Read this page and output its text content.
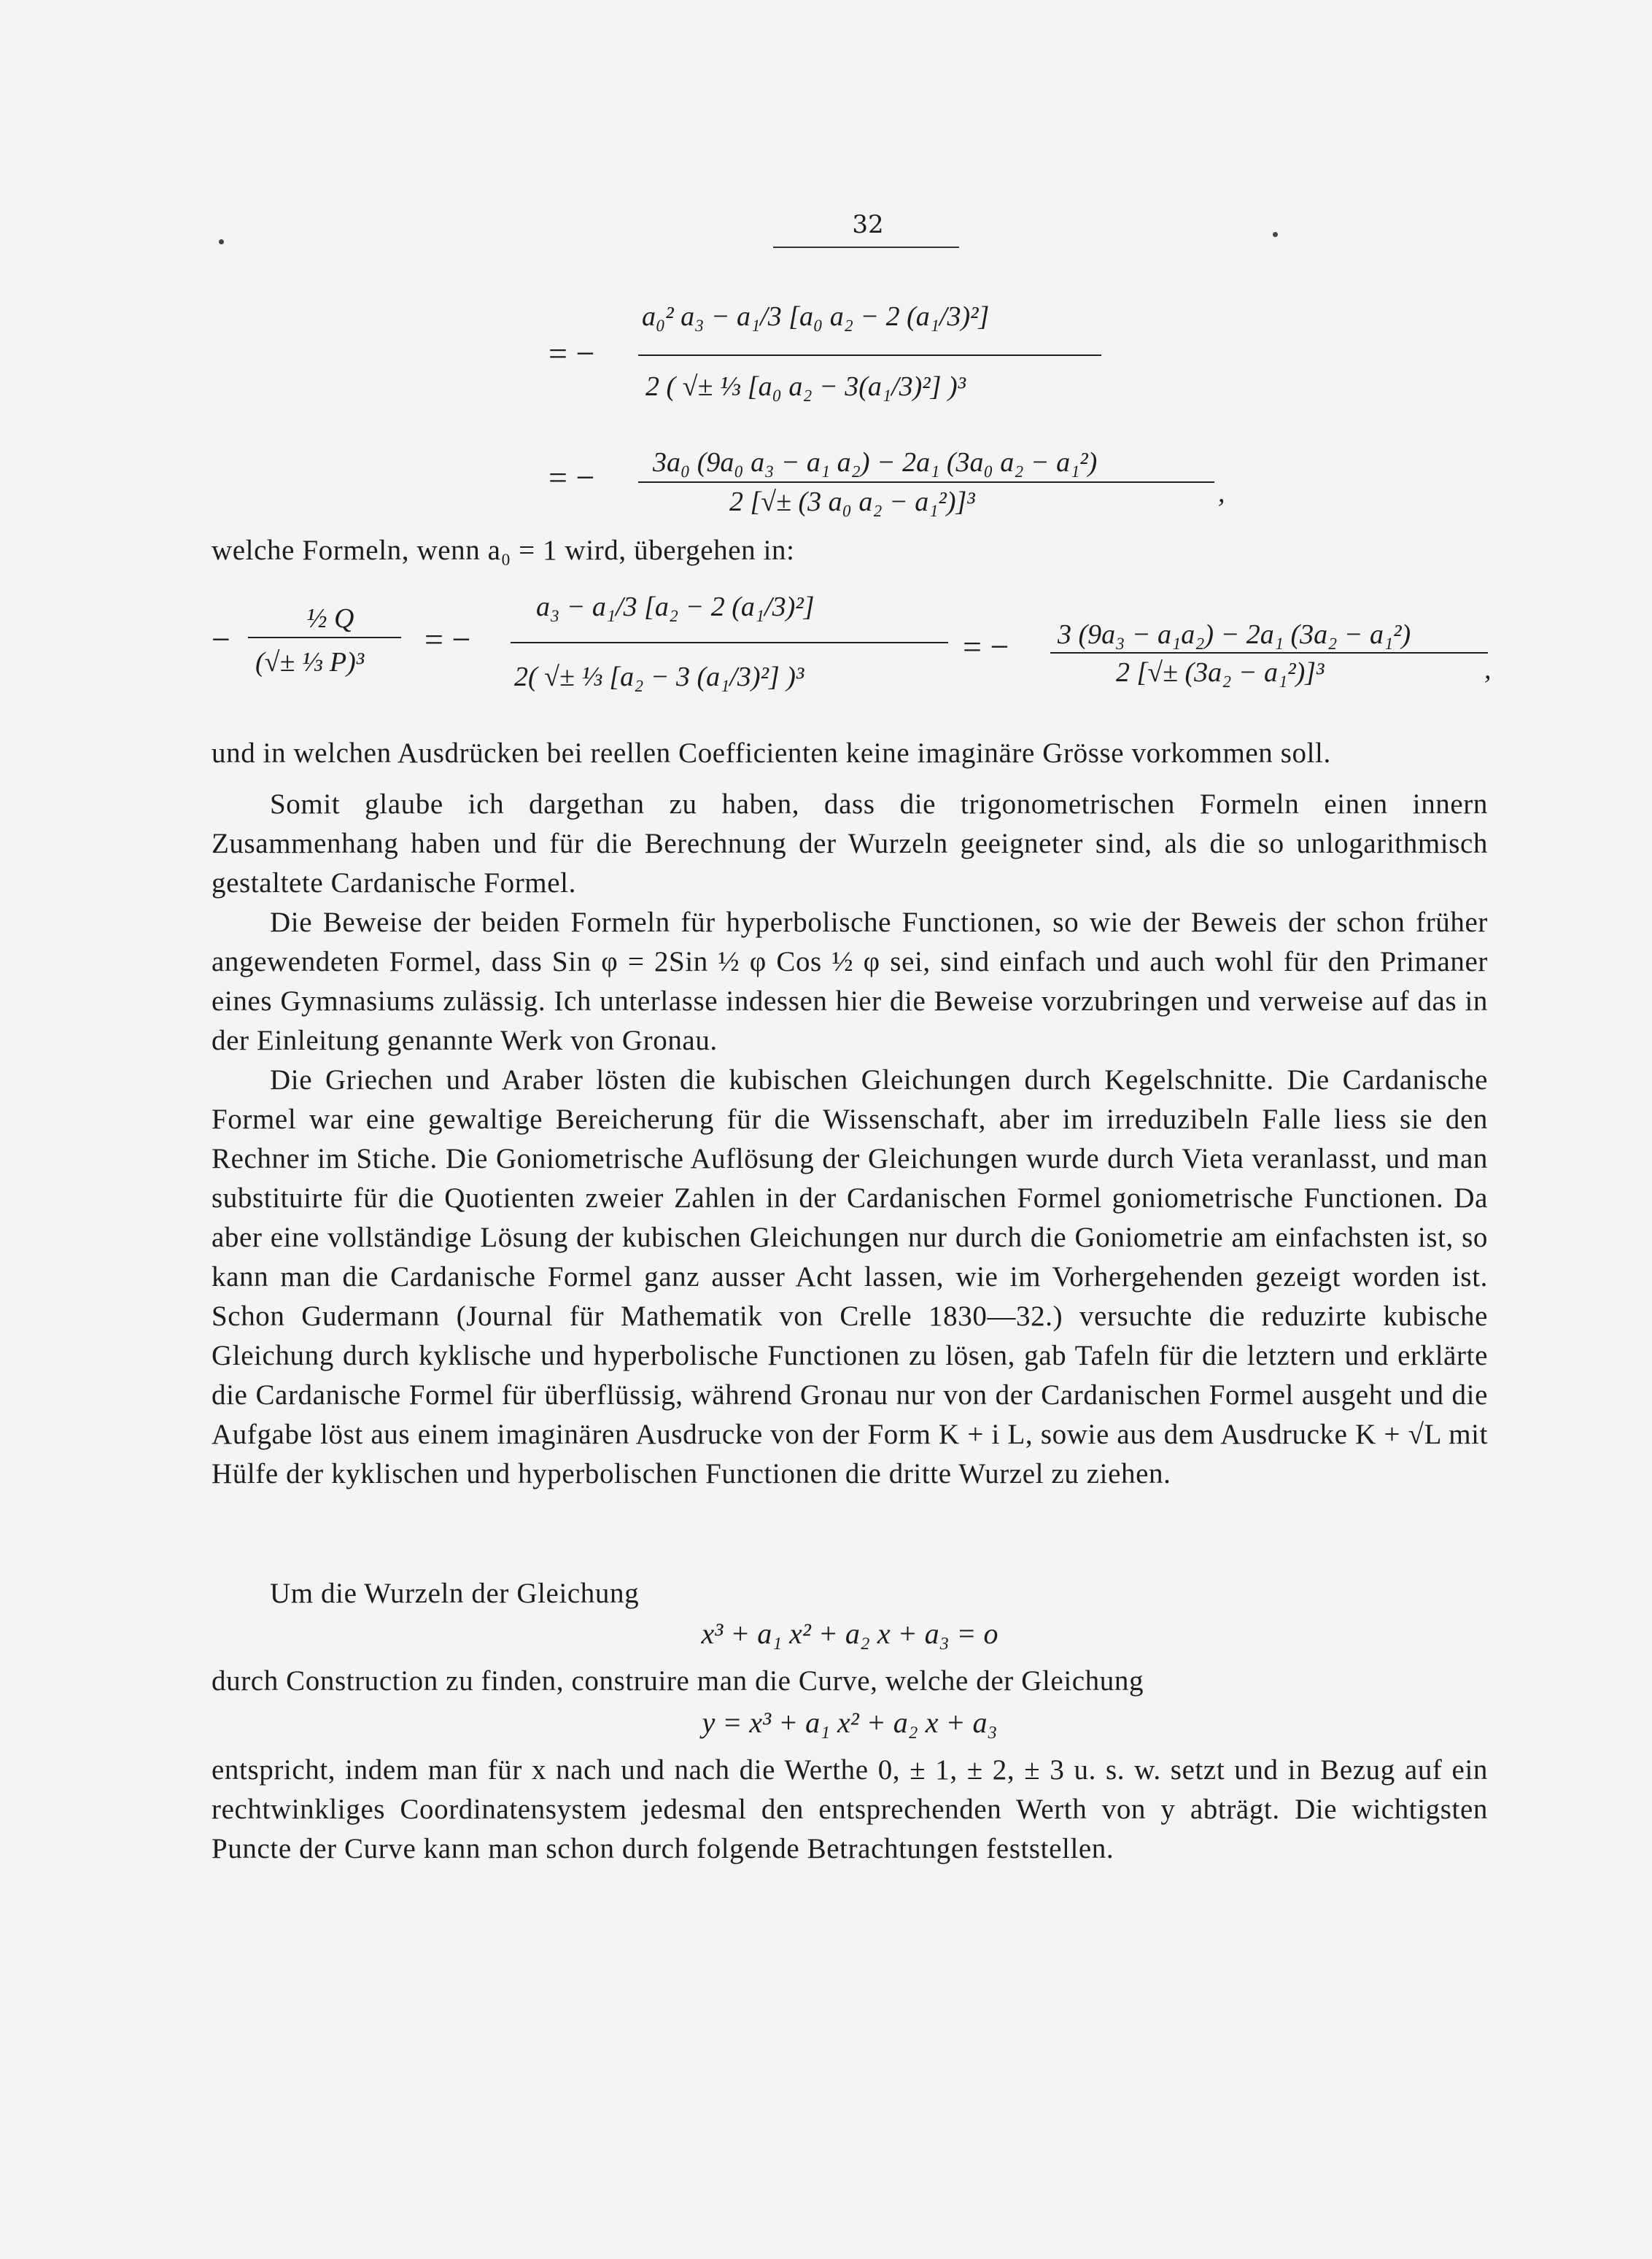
32
= −
a₀² a₃ − a₁/3 [a₀ a₂ − 2 (a₁/3)²]
2 ( √± ⅓ [a₀ a₂ − 3(a₁/3)²] )³
= − 3a₀ (9a₀ a₃ − a₁ a₂) − 2a₁ (3a₀ a₂ − a₁²)
2 [√± (3 a₀ a₂ − a₁²)]³	,

welche Formeln, wenn a₀ = 1 wird, übergehen in:

−
½ Q
(√± ⅓ P)³
= −
a₃ − a₁/3 [a₂ − 2 (a₁/3)²]
2( √± ⅓ [a₂ − 3 (a₁/3)²] )³
= − 3 (9a₃ − a₁a₂) − 2a₁ (3a₂ − a₁²)
2 [√± (3a₂ − a₁²)]³	,

und in welchen Ausdrücken bei reellen Coefficienten keine imaginäre Grösse vorkommen soll.

Somit glaube ich dargethan zu haben, dass die trigonometrischen Formeln einen innern Zusammenhang haben und für die Berechnung der Wurzeln geeigneter sind, als die so unlogarithmisch gestaltete Cardanische Formel.

Die Beweise der beiden Formeln für hyperbolische Functionen, so wie der Beweis der schon früher angewendeten Formel, dass Sin φ = 2Sin ½ φ Cos ½ φ sei, sind einfach und auch wohl für den Primaner eines Gymnasiums zulässig. Ich unterlasse indessen hier die Beweise vorzubringen und verweise auf das in der Einleitung genannte Werk von Gronau.

Die Griechen und Araber lösten die kubischen Gleichungen durch Kegelschnitte. Die Cardanische Formel war eine gewaltige Bereicherung für die Wissenschaft, aber im irreduzibeln Falle liess sie den Rechner im Stiche. Die Goniometrische Auflösung der Gleichungen wurde durch Vieta veranlasst, und man substituirte für die Quotienten zweier Zahlen in der Cardanischen Formel goniometrische Functionen. Da aber eine vollständige Lösung der kubischen Gleichungen nur durch die Goniometrie am einfachsten ist, so kann man die Cardanische Formel ganz ausser Acht lassen, wie im Vorhergehenden gezeigt worden ist. Schon Gudermann (Journal für Mathematik von Crelle 1830—32.) versuchte die reduzirte kubische Gleichung durch kyklische und hyperbolische Functionen zu lösen, gab Tafeln für die letztern und erklärte die Cardanische Formel für überflüssig, während Gronau nur von der Cardanischen Formel ausgeht und die Aufgabe löst aus einem imaginären Ausdrucke von der Form K + i L, sowie aus dem Ausdrucke K + √L mit Hülfe der kyklischen und hyperbolischen Functionen die dritte Wurzel zu ziehen.

Um die Wurzeln der Gleichung

x³ + a₁ x² + a₂ x + a₃ = o

durch Construction zu finden, construire man die Curve, welche der Gleichung

y = x³ + a₁ x² + a₂ x + a₃

entspricht, indem man für x nach und nach die Werthe 0, ± 1, ± 2, ± 3 u. s. w. setzt und in Bezug auf ein rechtwinkliges Coordinatensystem jedesmal den entsprechenden Werth von y abträgt. Die wichtigsten Puncte der Curve kann man schon durch folgende Betrachtungen feststellen.
